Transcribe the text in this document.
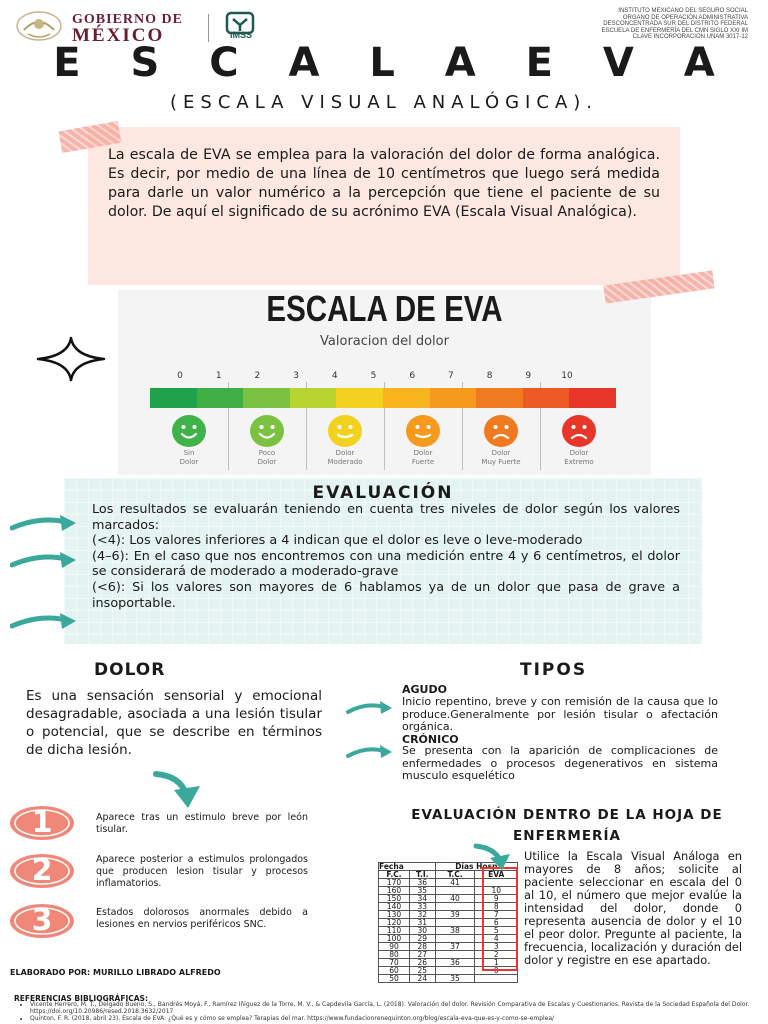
GOBIERNO DE
MÉXICO	IMSS
INSTITUTO MEXICANO DEL SEGURO SOCIAL
ORGANO DE OPERACIÓN ADMINISTRATIVA
DESCONCENTRADA SUR DEL DISTRITO FEDERAL
ESCUELA DE ENFERMERÍA DEL CMN SIGLO XXI IM
CLAVE INCORPORACION UNAM 3017-12
E S C A L A E V A
(ESCALA VISUAL ANALÓGICA).
La escala de EVA se emplea para la valoración del dolor de forma analógica. Es decir, por medio de una línea de 10 centímetros que luego será medida para darle un valor numérico a la percepción que tiene el paciente de su dolor. De aquí el significado de su acrónimo EVA (Escala Visual Analógica).
ESCALA DE EVA
Valoracion del dolor
0	1	2	3	4	5	6	7	8	9	10
Sin
Dolor
Poco
Dolor
Dolor
Moderado
Dolor
Fuerte
Dolor
Muy Fuerte
Dolor
Extremo
EVALUACIÓN
Los resultados se evaluarán teniendo en cuenta tres niveles de dolor según los valores marcados:
(<4): Los valores inferiores a 4 indican que el dolor es leve o leve-moderado
(4–6): En el caso que nos encontremos con una medición entre 4 y 6 centímetros, el dolor se considerará de moderado a moderado-grave
(<6): Si los valores son mayores de 6 hablamos ya de un dolor que pasa de grave a insoportable.
DOLOR
Es una sensación sensorial y emocional desagradable, asociada a una lesión tisular o potencial, que se describe en términos de dicha lesión.
1	Aparece tras un estimulo breve por león tisular.
2	Aparece posterior a estimulos prolongados que producen lesion tisular y procesos inflamatorios.
3	Estados dolorosos anormales debido a lesiones en nervios periféricos SNC.
ELABORADO POR: MURILLO LIBRADO ALFREDO
REFERENCIAS BIBLIOGRÁFICAS:
• Vicente Herrero, M. T., Delgado Bueno, S., Bandrés Moyá, F., Ramírez Iñiguez de la Torre, M. V., & Capdevila García, L. (2018). Valoración del dolor. Revisión Comparativa de Escalas y Cuestionarios. Revista de la Sociedad Española del Dolor. https://doi.org/10.20986/resed.2018.3632/2017
• Quinton, F. R. (2018, abril 23). Escala de EVA: ¿Qué es y cómo se emplea? Terapias del mar. https://www.fundacionrenequinton.org/blog/escala-eva-que-es-y-como-se-emplea/
TIPOS
AGUDO
Inicio repentino, breve y con remisión de la causa que lo produce.Generalmente por lesión tisular o afectación orgánica.
CRÓNICO
Se presenta con la aparición de complicaciones de enfermedades o procesos degenerativos en sistema musculo esquelético
EVALUACIÓN DENTRO DE LA HOJA DE
ENFERMERÍA
Fecha		Días Hosp	
F.C.	T.I.	T.C.	EVA
170	36	41	
160	35		10
150	34	40	9
140	33		8
130	32	39	7
120	31		6
110	30	38	5
100	29		4
90	28	37	3
80	27		2
70	26	36	1
60	25		0
50	24	35	
Utilice la Escala Visual Análoga en mayores de 8 años; solicite al paciente seleccionar en escala del 0 al 10, el número que mejor evalúe la intensidad del dolor, donde 0 representa ausencia de dolor y el 10 el peor dolor. Pregunte al paciente, la frecuencia, localización y duración del dolor y registre en ese apartado.
